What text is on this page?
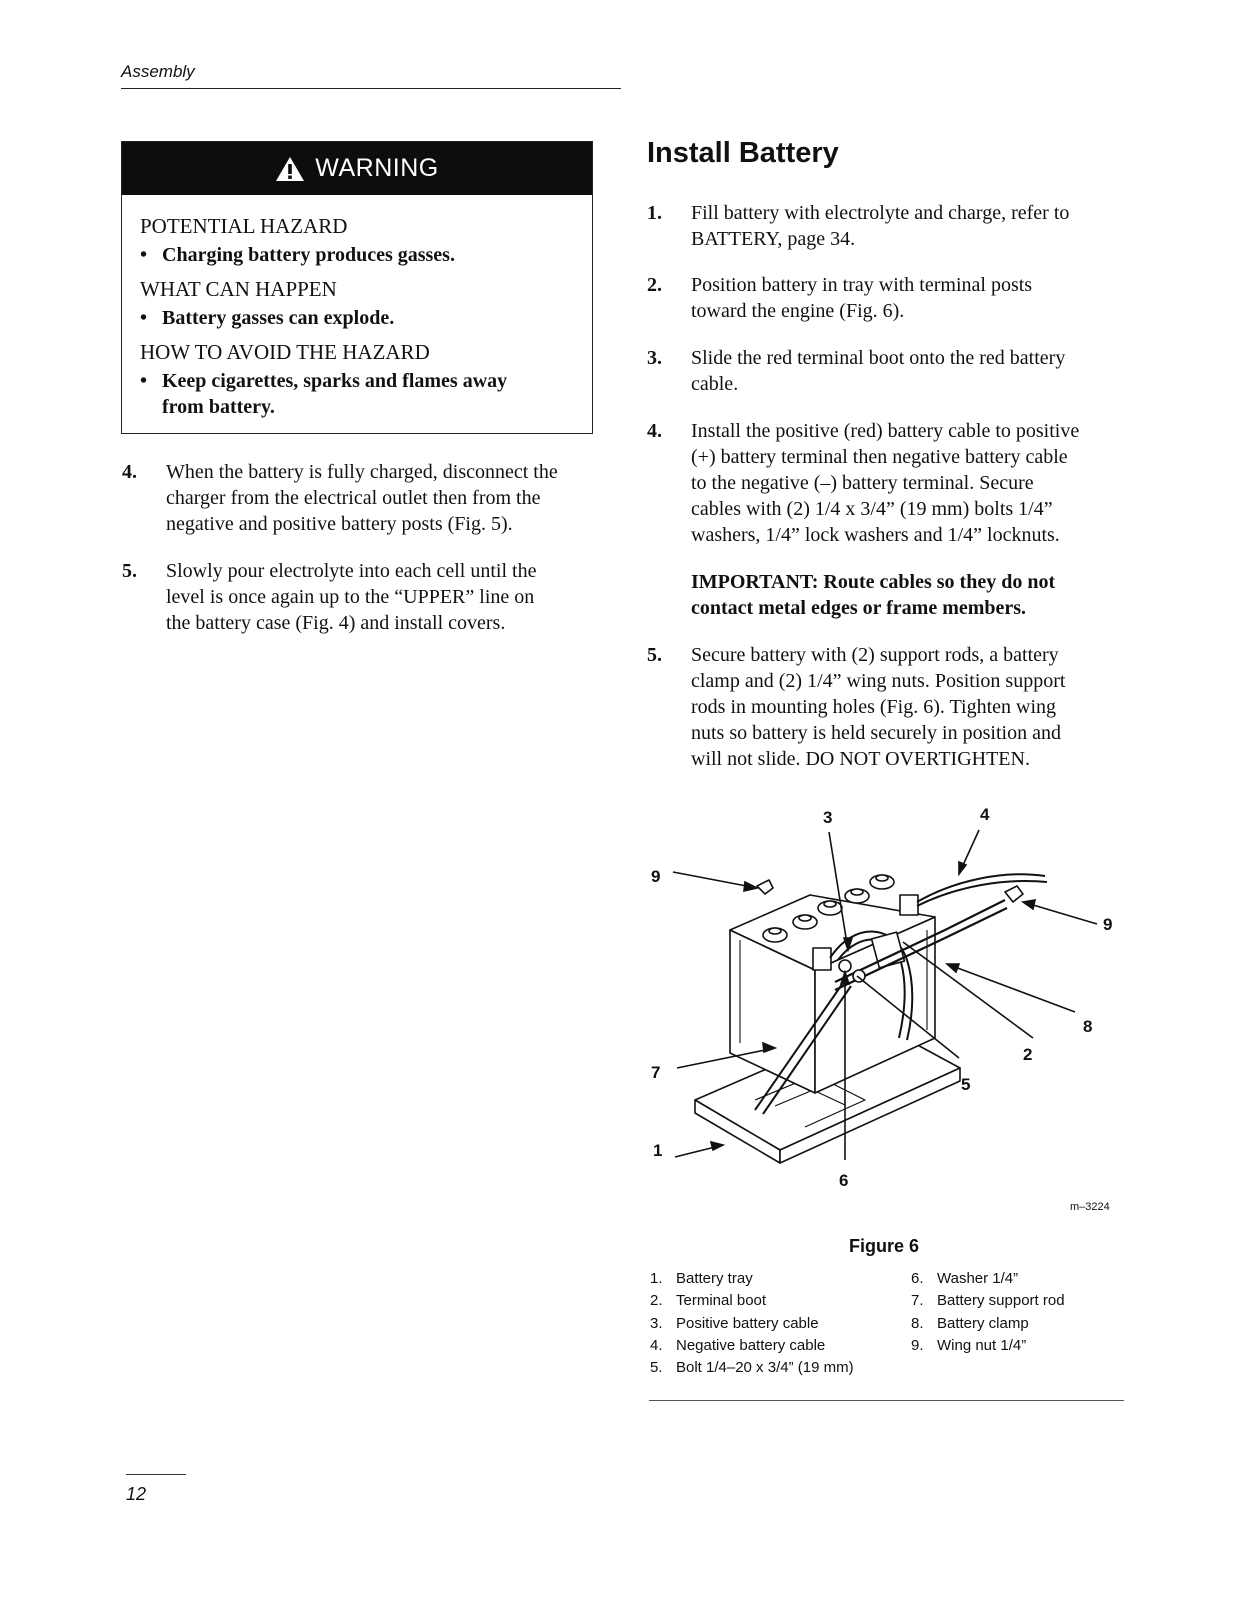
Assembly
WARNING
POTENTIAL HAZARD
• Charging battery produces gasses.
WHAT CAN HAPPEN
• Battery gasses can explode.
HOW TO AVOID THE HAZARD
• Keep cigarettes, sparks and flames away
from battery.
4. When the battery is fully charged, disconnect the
charger from the electrical outlet then from the
negative and positive battery posts (Fig. 5).
5. Slowly pour electrolyte into each cell until the
level is once again up to the “UPPER” line on
the battery case (Fig. 4) and install covers.
Install Battery
1. Fill battery with electrolyte and charge, refer to
BATTERY, page 34.
2. Position battery in tray with terminal posts
toward the engine (Fig. 6).
3. Slide the red terminal boot onto the red battery
cable.
4. Install the positive (red) battery cable to positive
(+) battery terminal then negative battery cable
to the negative (–) battery terminal. Secure
cables with (2) 1/4 x 3/4” (19 mm) bolts 1/4”
washers, 1/4” lock washers and 1/4” locknuts.
IMPORTANT: Route cables so they do not
contact metal edges or frame members.
5. Secure battery with (2) support rods, a battery
clamp and (2) 1/4” wing nuts. Position support
rods in mounting holes (Fig. 6). Tighten wing
nuts so battery is held securely in position and
will not slide. DO NOT OVERTIGHTEN.
3	4
9
9
8
2
5
7
1
6
m–3224
Figure 6
1. Battery tray
2. Terminal boot
3. Positive battery cable
4. Negative battery cable
5. Bolt 1/4–20 x 3/4” (19 mm)
6. Washer 1/4”
7. Battery support rod
8. Battery clamp
9. Wing nut 1/4”
12
